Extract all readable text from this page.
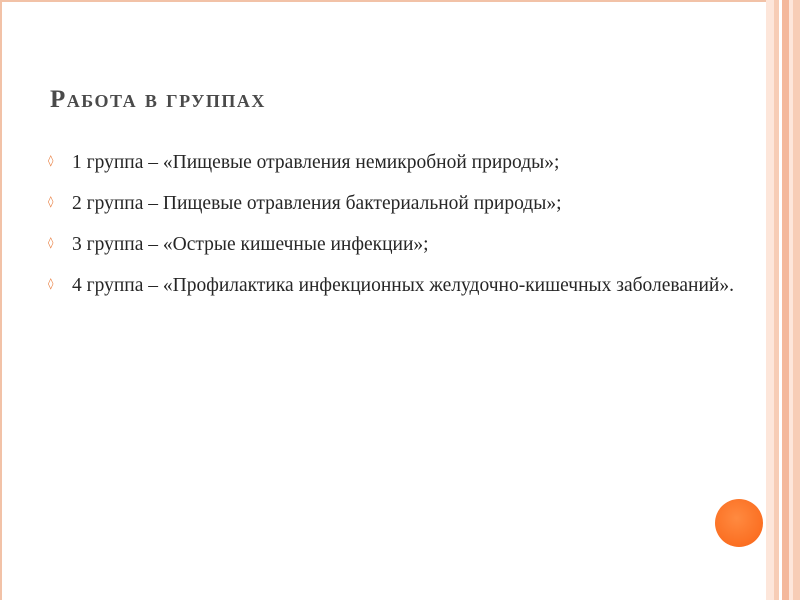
Работа в группах
◊ 1 группа – «Пищевые отравления немикробной природы»;
◊ 2 группа – Пищевые отравления бактериальной природы»;
◊ 3 группа – «Острые кишечные инфекции»;
◊ 4 группа – «Профилактика инфекционных желудочно-кишечных заболеваний».
